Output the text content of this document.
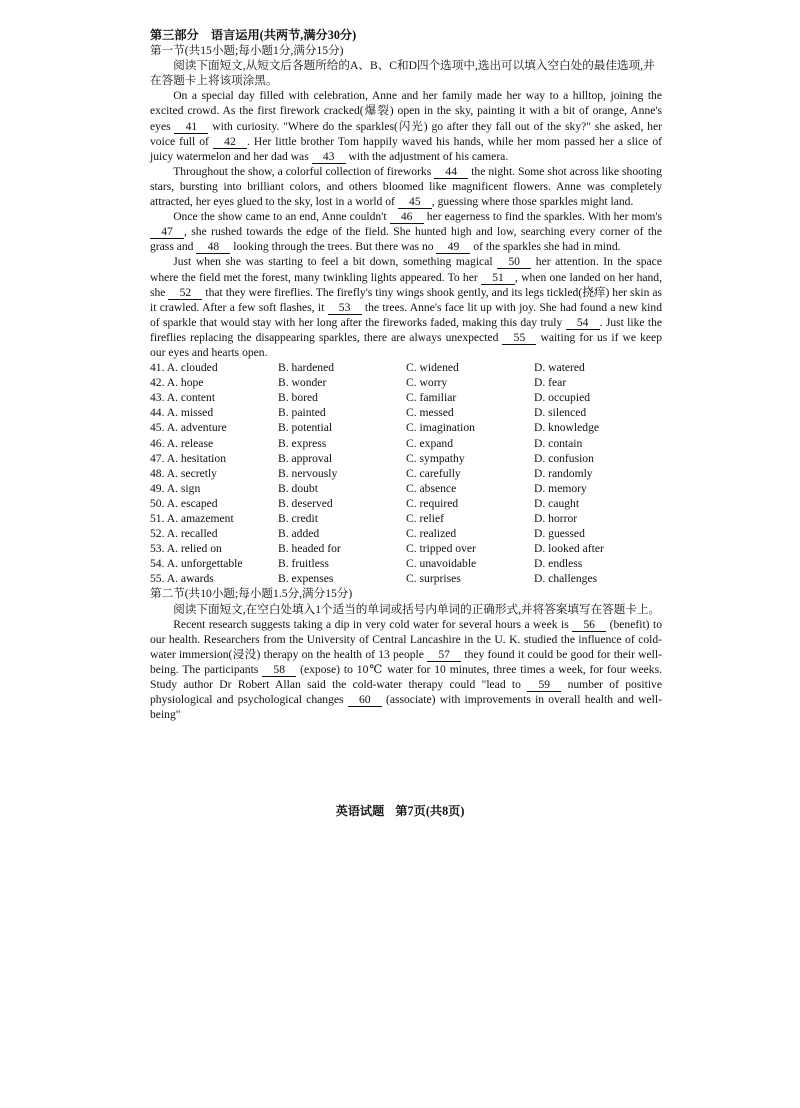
第三部分　语言运用(共两节,满分30分)

第一节(共15小题;每小题1分,满分15分)

阅读下面短文,从短文后各题所给的A、B、C和D四个选项中,选出可以填入空白处的最佳选项,并在答题卡上将该项涂黑。

On a special day filled with celebration, Anne and her family made her way to a hilltop, joining the excited crowd. As the first firework cracked(爆裂) open in the sky, painting it with a bit of orange, Anne's eyes 41 with curiosity. "Where do the sparkles(闪光) go after they fall out of the sky?" she asked, her voice full of 42 . Her little brother Tom happily waved his hands, while her mom passed her a slice of juicy watermelon and her dad was 43 with the adjustment of his camera.

Throughout the show, a colorful collection of fireworks 44 the night. Some shot across like shooting stars, bursting into brilliant colors, and others bloomed like magnificent flowers. Anne was completely attracted, her eyes glued to the sky, lost in a world of 45 , guessing where those sparkles might land.

Once the show came to an end, Anne couldn't 46 her eagerness to find the sparkles. With her mom's 47 , she rushed towards the edge of the field. She hunted high and low, searching every corner of the grass and 48 looking through the trees. But there was no 49 of the sparkles she had in mind.

Just when she was starting to feel a bit down, something magical 50 her attention. In the space where the field met the forest, many twinkling lights appeared. To her 51 , when one landed on her hand, she 52 that they were fireflies. The firefly's tiny wings shook gently, and its legs tickled(挠痒) her skin as it crawled. After a few soft flashes, it 53 the trees. Anne's face lit up with joy. She had found a new kind of sparkle that would stay with her long after the fireworks faded, making this day truly 54 . Just like the fireflies replacing the disappearing sparkles, there are always unexpected 55 waiting for us if we keep our eyes and hearts open.

41. A. clouded	B. hardened	C. widened	D. watered
42. A. hope	B. wonder	C. worry	D. fear
43. A. content	B. bored	C. familiar	D. occupied
44. A. missed	B. painted	C. messed	D. silenced
45. A. adventure	B. potential	C. imagination	D. knowledge
46. A. release	B. express	C. expand	D. contain
47. A. hesitation	B. approval	C. sympathy	D. confusion
48. A. secretly	B. nervously	C. carefully	D. randomly
49. A. sign	B. doubt	C. absence	D. memory
50. A. escaped	B. deserved	C. required	D. caught
51. A. amazement	B. credit	C. relief	D. horror
52. A. recalled	B. added	C. realized	D. guessed
53. A. relied on	B. headed for	C. tripped over	D. looked after
54. A. unforgettable	B. fruitless	C. unavoidable	D. endless
55. A. awards	B. expenses	C. surprises	D. challenges

第二节(共10小题;每小题1.5分,满分15分)

阅读下面短文,在空白处填入1个适当的单词或括号内单词的正确形式,并将答案填写在答题卡上。

Recent research suggests taking a dip in very cold water for several hours a week is 56 (benefit) to our health. Researchers from the University of Central Lancashire in the U. K. studied the influence of cold-water immersion(浸没) therapy on the health of 13 people 57 they found it could be good for their well-being. The participants 58 (expose) to 10℃ water for 10 minutes, three times a week, for four weeks. Study author Dr Robert Allan said the cold-water therapy could "lead to 59 number of positive physiological and psychological changes 60 (associate) with improvements in overall health and well-being"

英语试题 第7页(共8页)
